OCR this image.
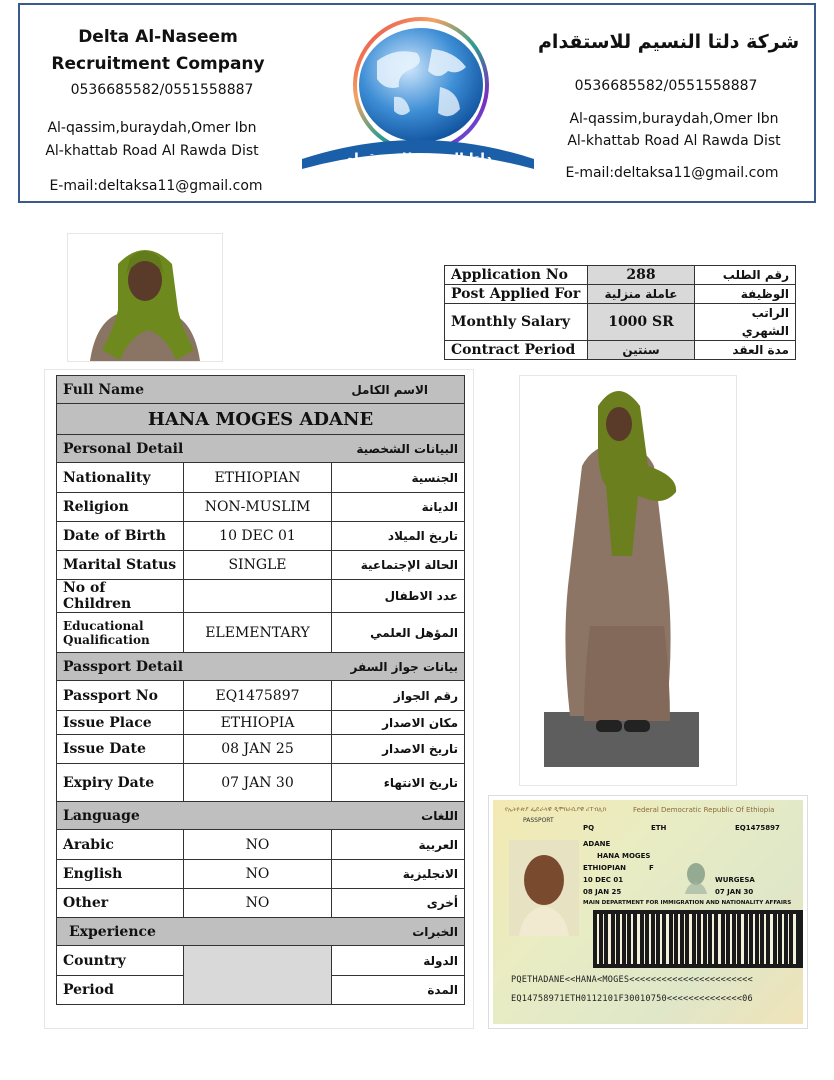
Delta Al-Naseem
Recruitment Company
0536685582/0551558887
Al-qassim,buraydah,Omer Ibn
Al-khattab Road Al Rawda Dist
E-mail:deltaksa11@gmail.com
شركة دلتا النسيم للاستقدام
0536685582/0551558887
Al-qassim,buraydah,Omer Ibn
Al-khattab Road Al Rawda Dist
E-mail:deltaksa11@gmail.com
دلتا النسيم للاستقدام
Application No	288	رقم الطلب
Post Applied For	عاملة منزلية	الوظيفة
Monthly Salary	1000 SR	الراتب الشهري
Contract Period	سنتين	مدة العقد
Full Name الاسم الكامل		

HANA MOGES ADANE		

Personal Detail البيانات الشخصية		

Nationality	ETHIOPIAN	الجنسية
Religion	NON-MUSLIM	الديانة
Date of Birth	10 DEC 01	تاريخ الميلاد
Marital Status	SINGLE	الحالة الإجتماعية
No of Children		عدد الاطفال
Educational Qualification	ELEMENTARY	المؤهل العلمي

Passport Detail بيانات جواز السفر		

Passport No	EQ1475897	رقم الجواز
Issue Place	ETHIOPIA	مكان الاصدار
Issue Date	08 JAN 25	تاريخ الاصدار
Expiry Date	07 JAN 30	تاريخ الانتهاء

Language اللغات		

Arabic	NO	العربية
English	NO	الانجليزية
Other	NO	أخرى

Experience الخبرات		

Country		الدولة
Period		المدة
የኢትዮጵያ ፌዴራላዊ ዲሞክራሲያዊ ሪፐብሊክ	Federal Democratic Republic Of Ethiopia
PASSPORT
PQ	ETH	EQ1475897
ADANE
HANA MOGES
ETHIOPIAN	F
10 DEC 01	WURGESA
08 JAN 25	07 JAN 30
MAIN DEPARTMENT FOR IMMIGRATION AND NATIONALITY AFFAIRS
PQETHADANE<<HANA<MOGES<<<<<<<<<<<<<<<<<<<<<<<
EQ14758971ETH0112101F30010750<<<<<<<<<<<<<<06
